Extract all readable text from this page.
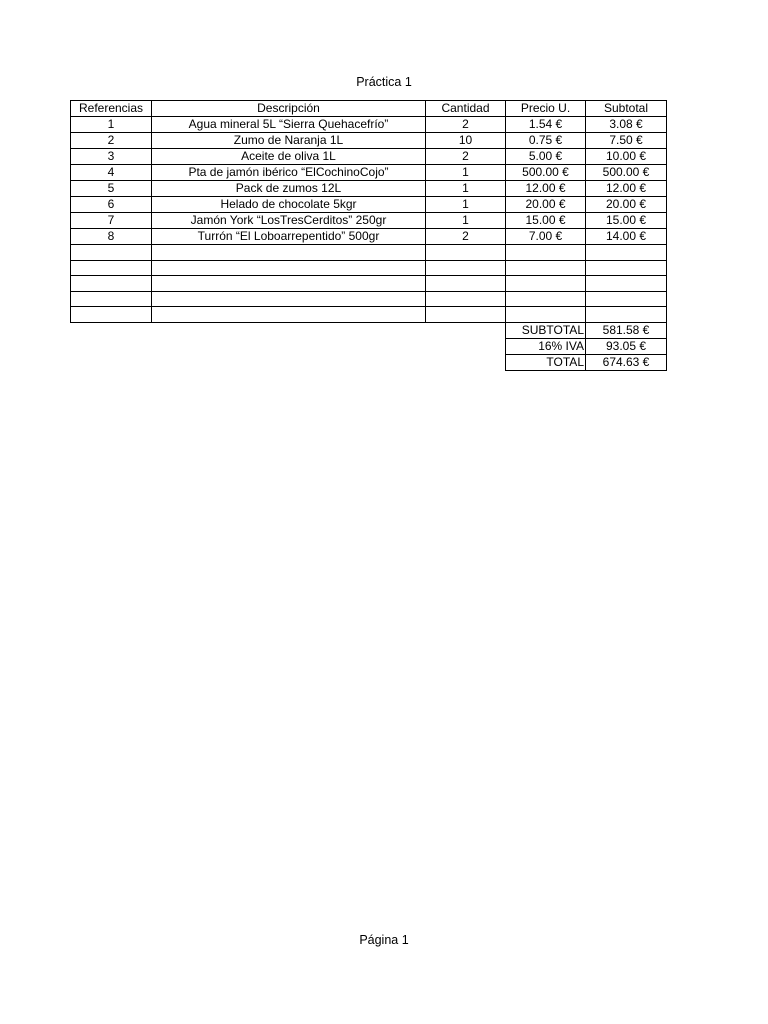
Práctica 1
Referencias	Descripción	Cantidad	Precio U.	Subtotal
1	Agua mineral 5L “Sierra Quehacefrío”	2	1.54 €	3.08 €
2	Zumo de Naranja 1L	10	0.75 €	7.50 €
3	Aceite de oliva 1L	2	5.00 €	10.00 €
4	Pta de jamón ibérico “ElCochinoCojo”	1	500.00 €	500.00 €
5	Pack de zumos 12L	1	12.00 €	12.00 €
6	Helado de chocolate 5kgr	1	20.00 €	20.00 €
7	Jamón York “LosTresCerditos” 250gr	1	15.00 €	15.00 €
8	Turrón “El Loboarrepentido” 500gr	2	7.00 €	14.00 €

			SUBTOTAL	581.58 €
			16% IVA	93.05 €
			TOTAL	674.63 €
Página 1
